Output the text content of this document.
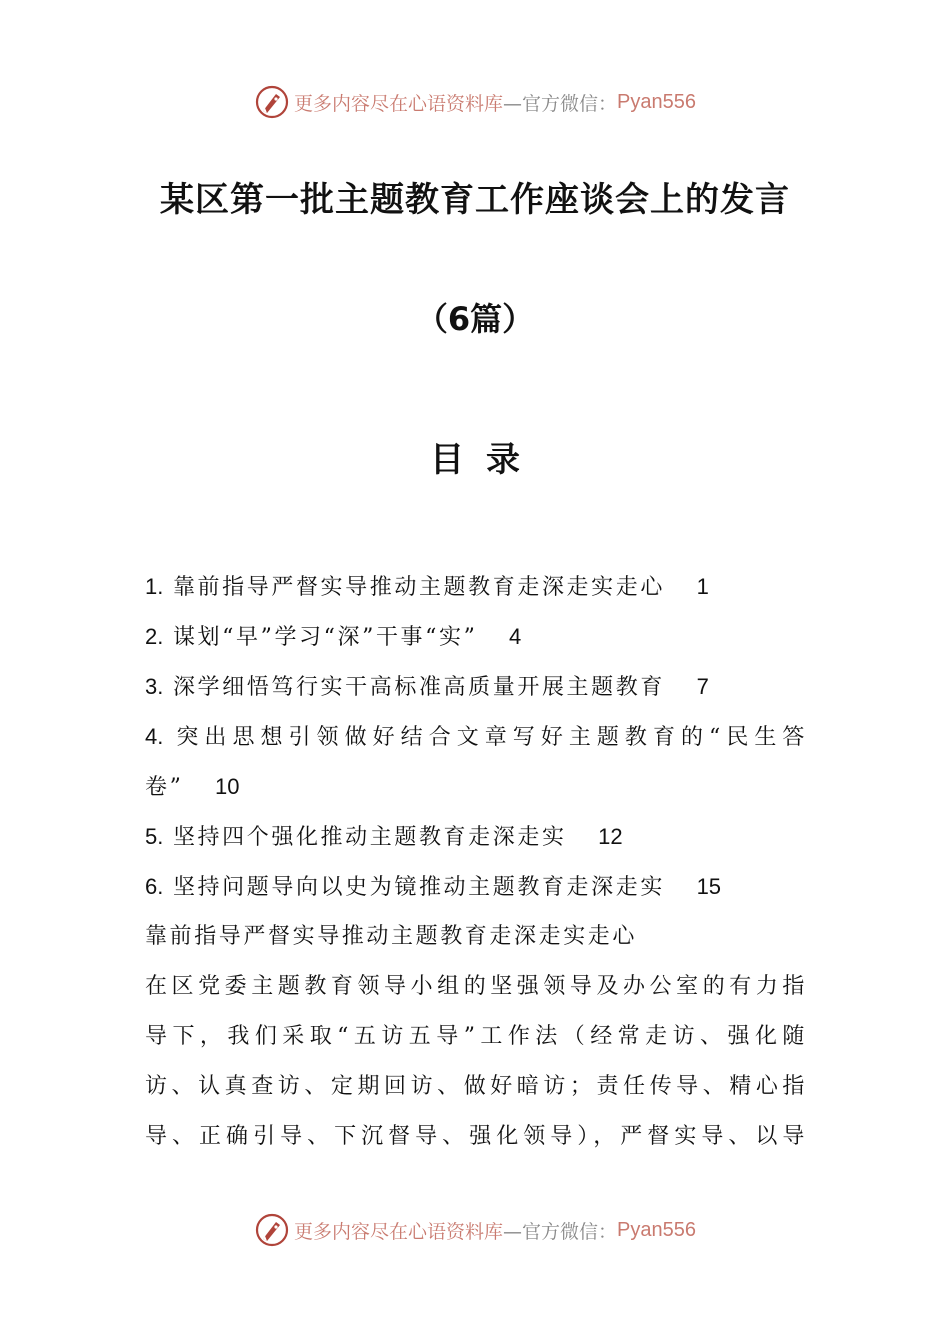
更多内容尽在心语资料库 —官方微信： Pyan556
某区第一批主题教育工作座谈会上的发言
（6篇）
目录
1. 靠前指导严督实导推动主题教育走深走实走心 1
2. 谋划“早”学习“深”干事“实” 4
3. 深学细悟笃行实干高标准高质量开展主题教育 7
4. 突出思想引领做好结合文章写好主题教育的“民生答
卷” 10
5. 坚持四个强化推动主题教育走深走实 12
6. 坚持问题导向以史为镜推动主题教育走深走实 15
靠前指导严督实导推动主题教育走深走实走心
在区党委主题教育领导小组的坚强领导及办公室的有力指
导下，我们采取“五访五导”工作法（经常走访、强化随
访、认真查访、定期回访、做好暗访；责任传导、精心指
导、正确引导、下沉督导、强化领导），严督实导、以导
更多内容尽在心语资料库 —官方微信： Pyan556
